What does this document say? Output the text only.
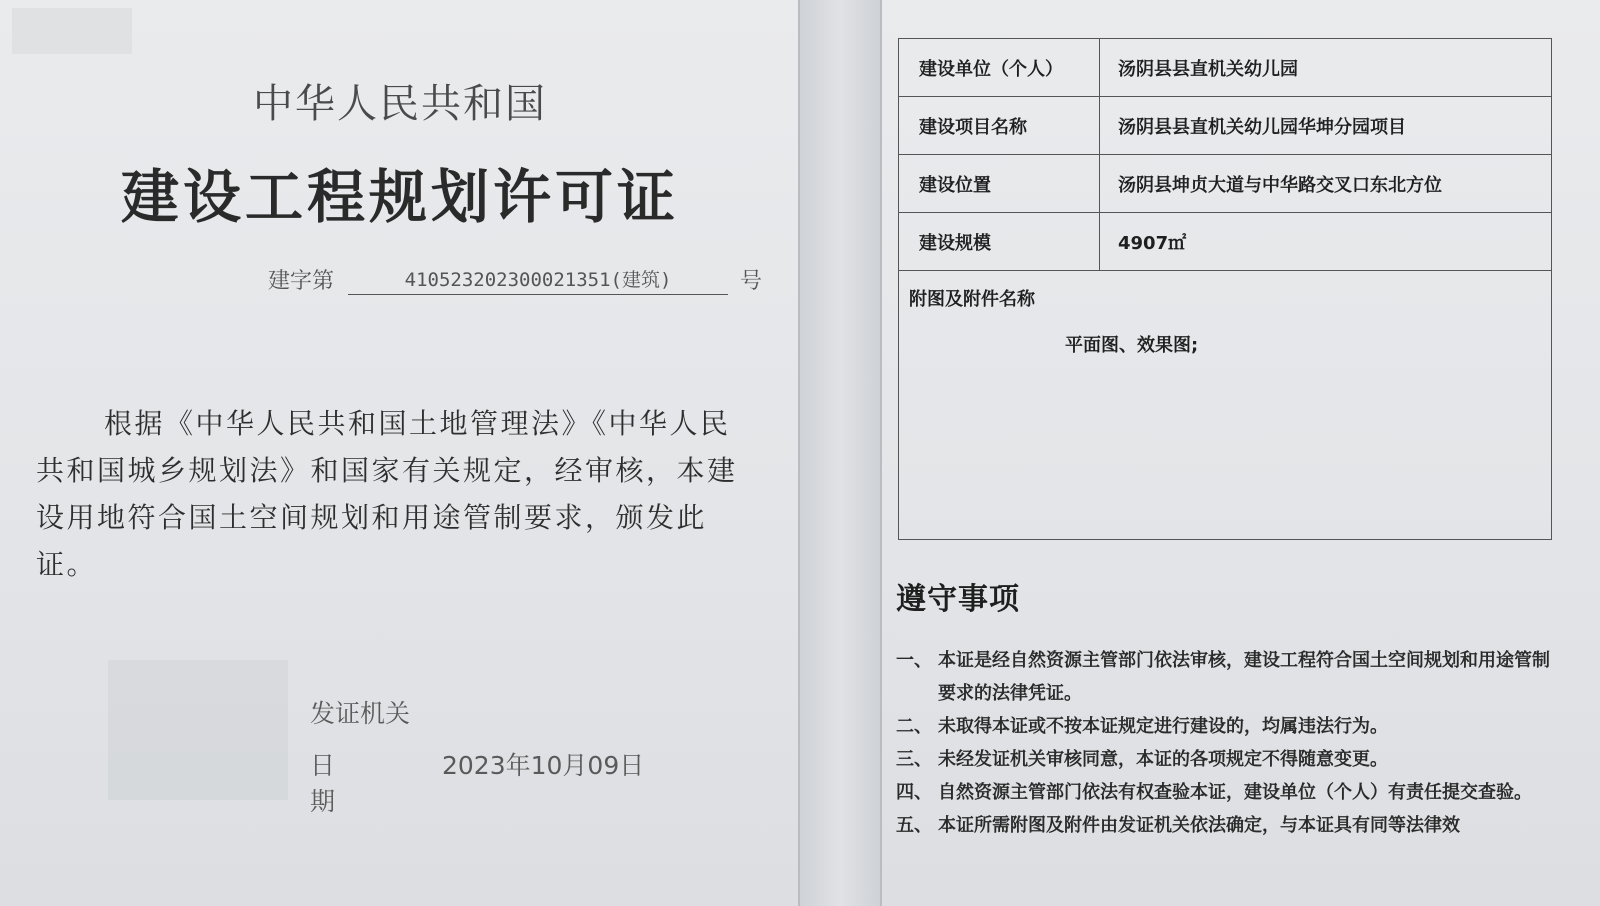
中华人民共和国
建设工程规划许可证
建字第	410523202300021351(建筑)	号
根据《中华人民共和国土地管理法》《中华人民共和国城乡规划法》和国家有关规定，经审核，本建设用地符合国土空间规划和用途管制要求，颁发此证。
发证机关
日期
2023年10月09日
建设单位（个人）	汤阴县县直机关幼儿园
建设项目名称	汤阴县县直机关幼儿园华坤分园项目
建设位置	汤阴县坤贞大道与中华路交叉口东北方位
建设规模	4907㎡

附图及附件名称
平面图、效果图;	
遵守事项
一、 本证是经自然资源主管部门依法审核，建设工程符合国土空间规划和用途管制要求的法律凭证。
二、 未取得本证或不按本证规定进行建设的，均属违法行为。
三、 未经发证机关审核同意，本证的各项规定不得随意变更。
四、 自然资源主管部门依法有权查验本证，建设单位（个人）有责任提交查验。
五、 本证所需附图及附件由发证机关依法确定，与本证具有同等法律效
